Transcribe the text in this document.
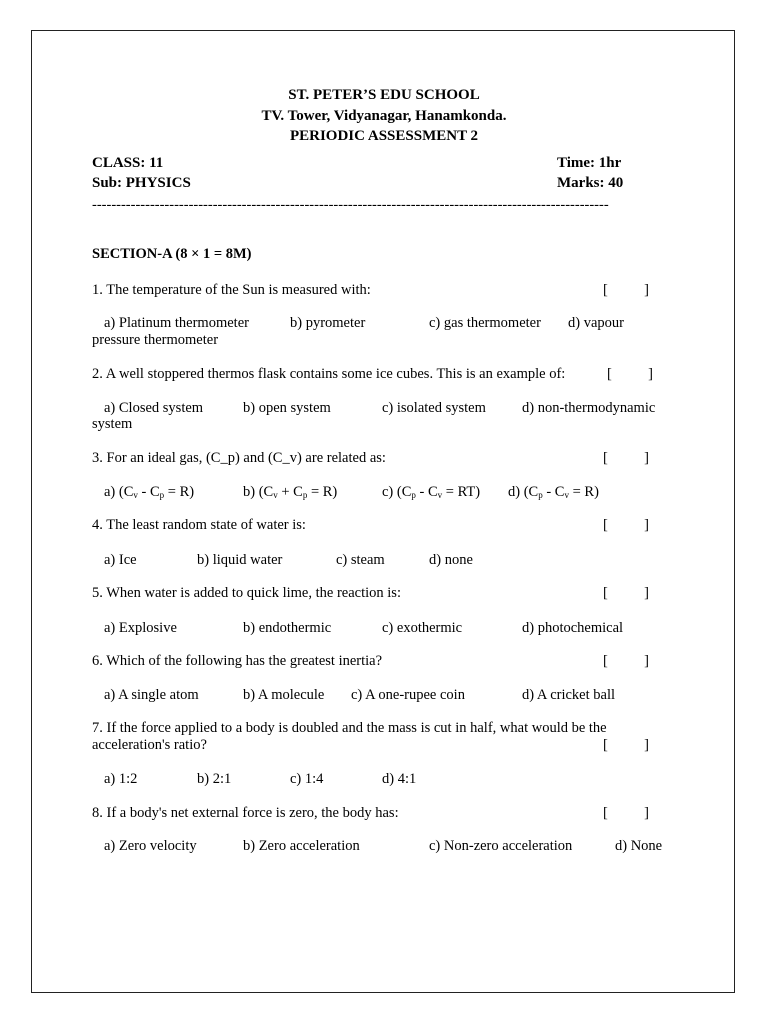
ST. PETER’S EDU SCHOOL
TV. Tower, Vidyanagar, Hanamkonda.
PERIODIC ASSESSMENT 2
CLASS: 11	Time: 1hr
Sub: PHYSICS	Marks: 40
-----------------------------------------------------------------------------------------------------------
SECTION-A (8 × 1 = 8M)
1. The temperature of the Sun is measured with:	[          ]
a) Platinum thermometer	b) pyrometer	c) gas thermometer d) vapour
pressure thermometer
2. A well stoppered thermos flask contains some ice cubes. This is an example of:	[          ]
a) Closed system	b) open system	c) isolated system d) non-thermodynamic
system
3. For an ideal gas, (C_p) and (C_v) are related as:	[          ]
a) $(C_v - C_p = R)$	b) $(C_v + C_p = R)$	c) $(C_p - C_v = RT)$ d) $(C_p - C_v = R)$
4. The least random state of water is:	[          ]
a) Ice	b) liquid water	c) steam	d) none
5. When water is added to quick lime, the reaction is:	[          ]
a) Explosive	b) endothermic	c) exothermic	d) photochemical
6. Which of the following has the greatest inertia?	[          ]
a) A single atom	b) A molecule c) A one-rupee coin	d) A cricket ball
7. If the force applied to a body is doubled and the mass is cut in half, what would be the
acceleration's ratio?	[          ]
a) 1:2	b) 2:1	c) 1:4	d) 4:1
8. If a body's net external force is zero, the body has:	[          ]
a) Zero velocity	b) Zero acceleration	c) Non-zero acceleration	d) None
